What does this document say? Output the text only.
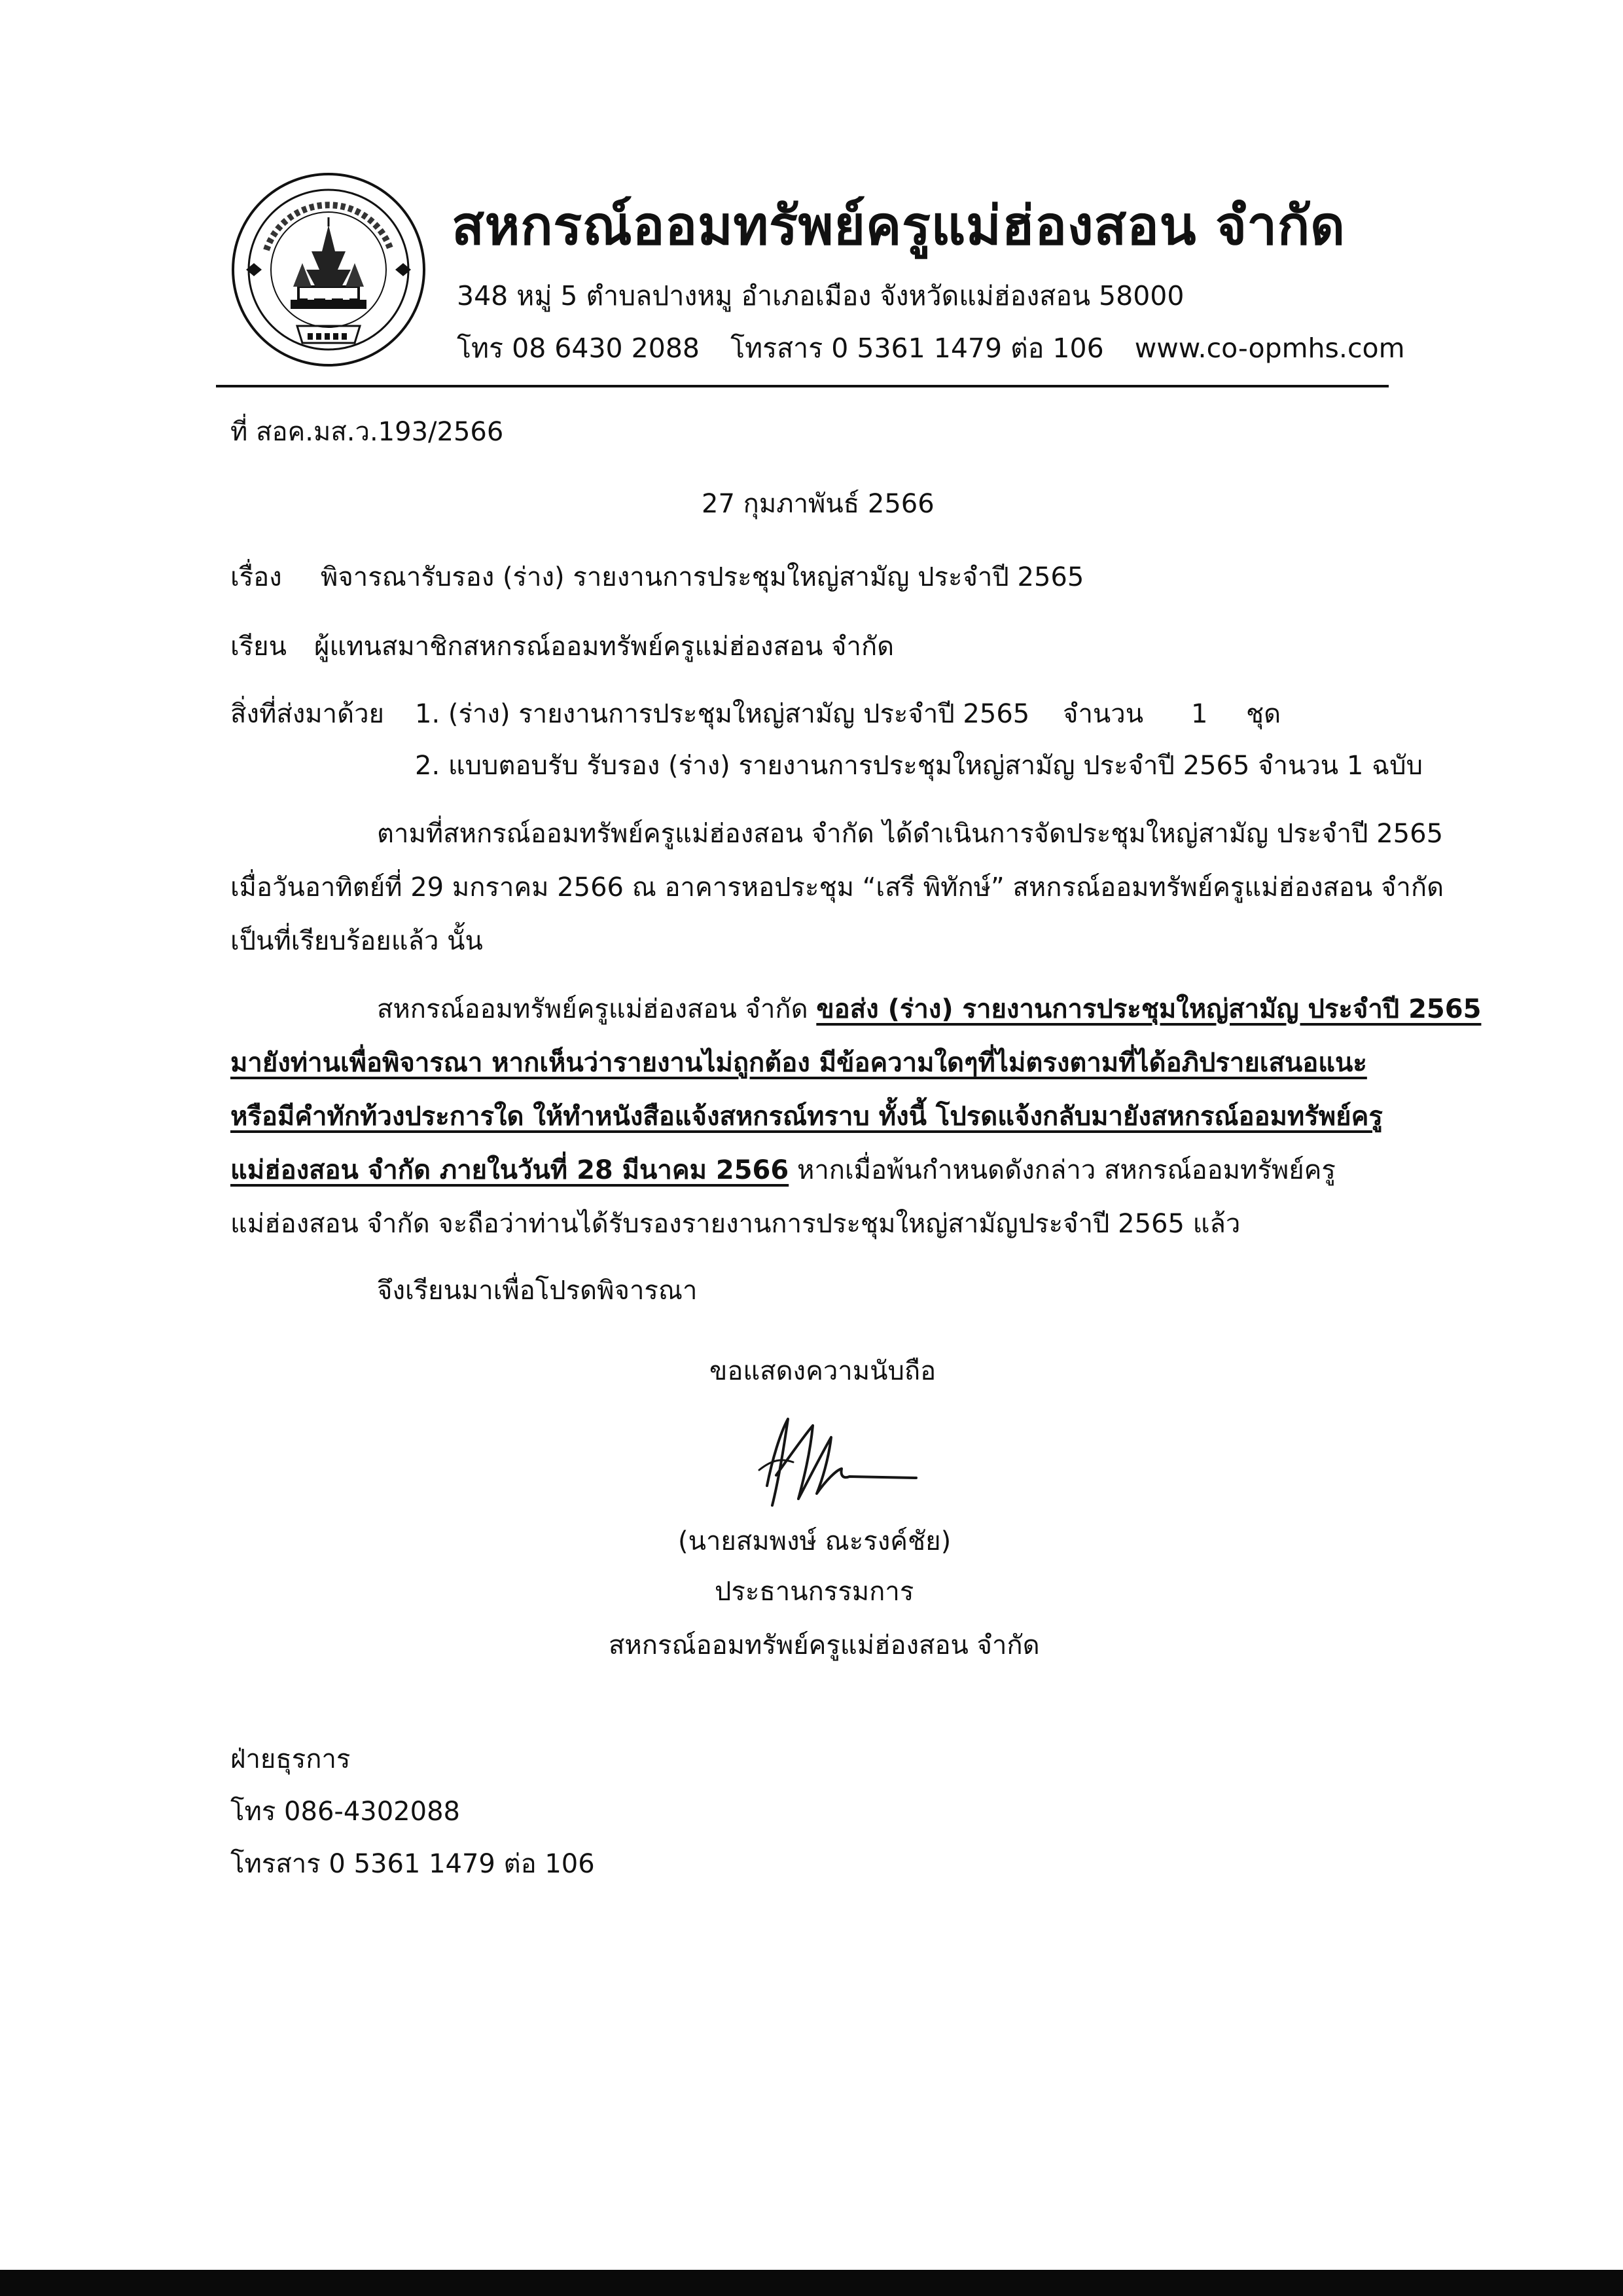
สหกรณ์ออมทรัพย์ครูแม่ฮ่องสอน จำกัด
348 หมู่ 5 ตำบลปางหมู อำเภอเมือง จังหวัดแม่ฮ่องสอน 58000
โทร 08 6430 2088 โทรสาร 0 5361 1479 ต่อ 106 www.co-opmhs.com
ที่ สอค.มส.ว.193/2566
27 กุมภาพันธ์ 2566
เรื่อง พิจารณารับรอง (ร่าง) รายงานการประชุมใหญ่สามัญ ประจำปี 2565
เรียน ผู้แทนสมาชิกสหกรณ์ออมทรัพย์ครูแม่ฮ่องสอน จำกัด
สิ่งที่ส่งมาด้วย 1. (ร่าง) รายงานการประชุมใหญ่สามัญ ประจำปี 2565 จำนวน 1 ชุด
2. แบบตอบรับ รับรอง (ร่าง) รายงานการประชุมใหญ่สามัญ ประจำปี 2565 จำนวน 1 ฉบับ
ตามที่สหกรณ์ออมทรัพย์ครูแม่ฮ่องสอน จำกัด ได้ดำเนินการจัดประชุมใหญ่สามัญ ประจำปี 2565
เมื่อวันอาทิตย์ที่ 29 มกราคม 2566 ณ อาคารหอประชุม “เสรี พิทักษ์” สหกรณ์ออมทรัพย์ครูแม่ฮ่องสอน จำกัด
เป็นที่เรียบร้อยแล้ว นั้น
สหกรณ์ออมทรัพย์ครูแม่ฮ่องสอน จำกัด ขอส่ง (ร่าง) รายงานการประชุมใหญ่สามัญ ประจำปี 2565
มายังท่านเพื่อพิจารณา หากเห็นว่ารายงานไม่ถูกต้อง มีข้อความใดๆที่ไม่ตรงตามที่ได้อภิปรายเสนอแนะ
หรือมีคำทักท้วงประการใด ให้ทำหนังสือแจ้งสหกรณ์ทราบ ทั้งนี้ โปรดแจ้งกลับมายังสหกรณ์ออมทรัพย์ครู
แม่ฮ่องสอน จำกัด ภายในวันที่ 28 มีนาคม 2566 หากเมื่อพ้นกำหนดดังกล่าว สหกรณ์ออมทรัพย์ครู
แม่ฮ่องสอน จำกัด จะถือว่าท่านได้รับรองรายงานการประชุมใหญ่สามัญประจำปี 2565 แล้ว
จึงเรียนมาเพื่อโปรดพิจารณา
ขอแสดงความนับถือ
(นายสมพงษ์ ณะรงค์ชัย)
ประธานกรรมการ
สหกรณ์ออมทรัพย์ครูแม่ฮ่องสอน จำกัด
ฝ่ายธุรการ
โทร 086-4302088
โทรสาร 0 5361 1479 ต่อ 106
